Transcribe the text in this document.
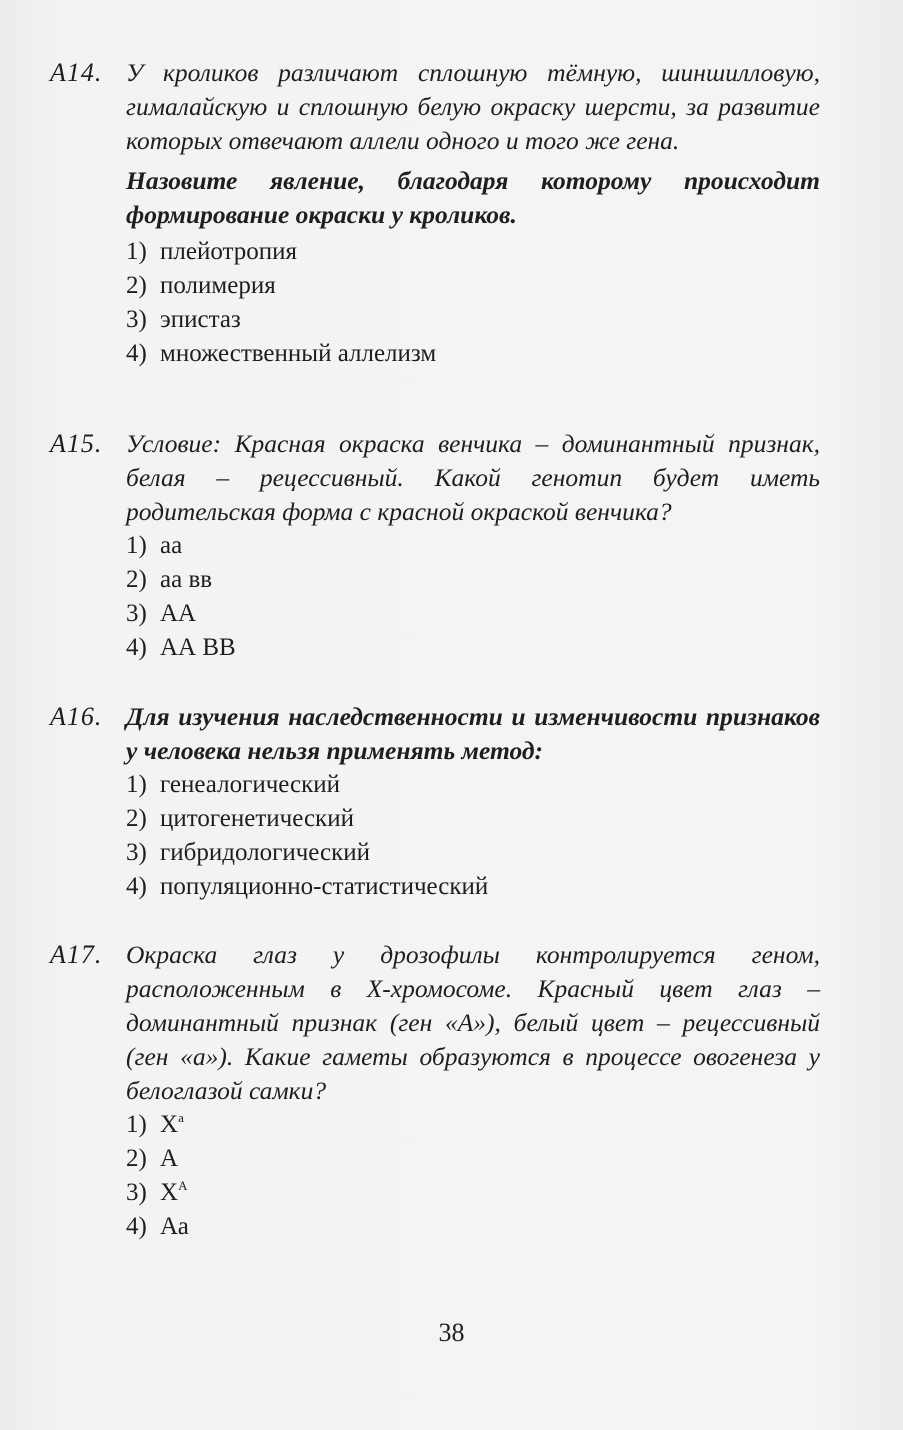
А14. У кроликов различают сплошную тёмную, шиншилловую, гималайскую и сплошную белую окраску шерсти, за развитие которых отвечают аллели одного и того же гена.

Назовите явление, благодаря которому происходит формирование окраски у кроликов.

1) плейотропия
2) полимерия
3) эпистаз
4) множественный аллелизм
А15. Условие: Красная окраска венчика – доминантный признак, белая – рецессивный. Какой генотип будет иметь родительская форма с красной окраской венчика?

1) аа
2) аа вв
3) АА
4) АА ВВ
А16. Для изучения наследственности и изменчивости признаков у человека нельзя применять метод:

1) генеалогический
2) цитогенетический
3) гибридологический
4) популяционно-статистический
А17. Окраска глаз у дрозофилы контролируется геном, расположенным в Х-хромосоме. Красный цвет глаз – доминантный признак (ген «А»), белый цвет – рецессивный (ген «а»). Какие гаметы образуются в процессе овогенеза у белоглазой самки?

1) $Х^а$
2) А
3) $Х^А$
4) Аа
38
